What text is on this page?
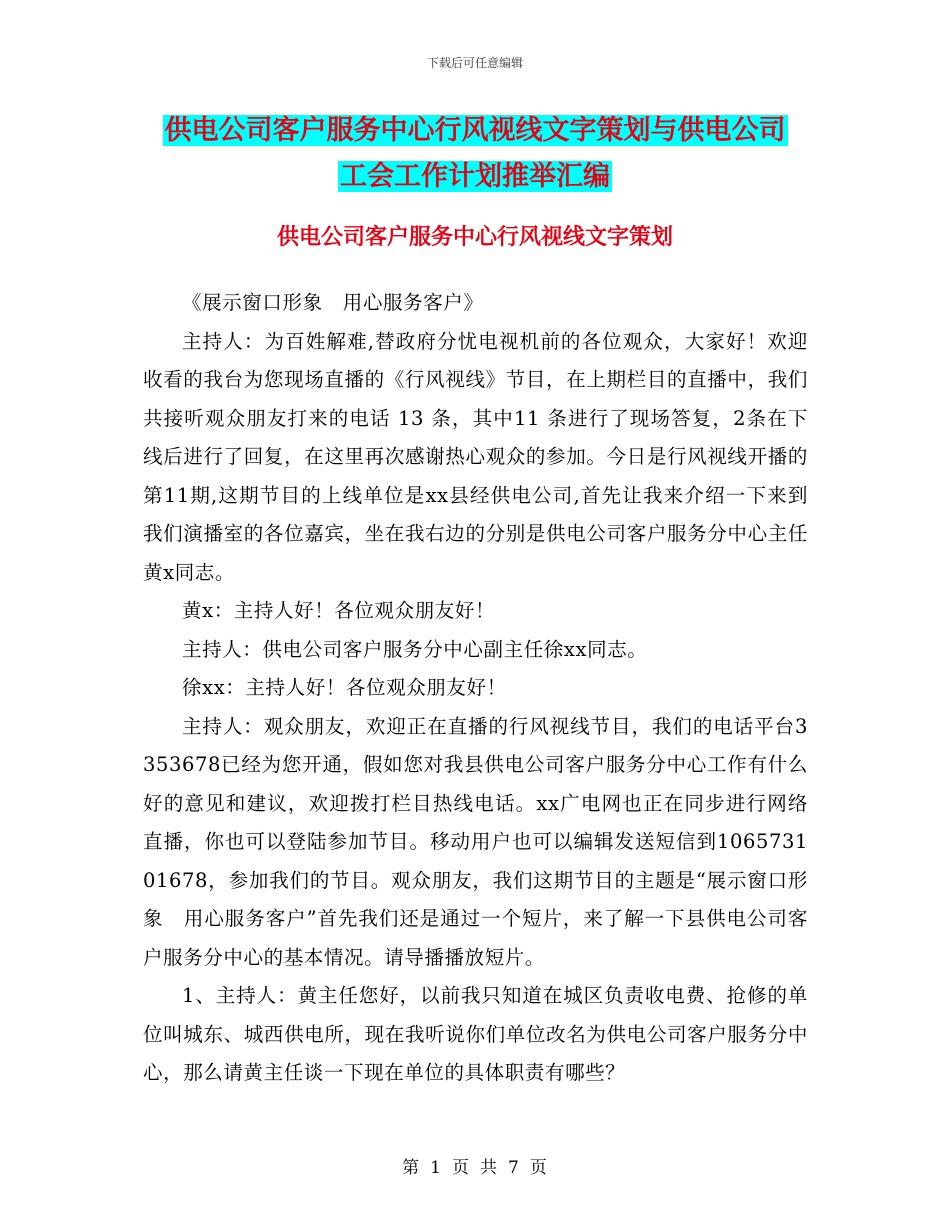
下载后可任意编辑
供电公司客户服务中心行风视线文字策划与供电公司
工会工作计划推举汇编
供电公司客户服务中心行风视线文字策划

《展示窗口形象　用心服务客户》

主持人：为百姓解难,替政府分忧电视机前的各位观众，大家好！欢迎收看的我台为您现场直播的《行风视线》节目，在上期栏目的直播中，我们共接听观众朋友打来的电话 13 条，其中11 条进行了现场答复，2条在下线后进行了回复，在这里再次感谢热心观众的参加。今日是行风视线开播的第11期,这期节目的上线单位是xx县经供电公司,首先让我来介绍一下来到我们演播室的各位嘉宾，坐在我右边的分别是供电公司客户服务分中心主任黄x同志。

黄x：主持人好！各位观众朋友好！

主持人：供电公司客户服务分中心副主任徐xx同志。

徐xx：主持人好！各位观众朋友好！

主持人：观众朋友，欢迎正在直播的行风视线节目，我们的电话平台3353678已经为您开通，假如您对我县供电公司客户服务分中心工作有什么好的意见和建议，欢迎拨打栏目热线电话。xx广电网也正在同步进行网络直播，你也可以登陆参加节目。移动用户也可以编辑发送短信到106573101678，参加我们的节目。观众朋友，我们这期节目的主题是“展示窗口形象　用心服务客户”首先我们还是通过一个短片，来了解一下县供电公司客户服务分中心的基本情况。请导播播放短片。

1、主持人：黄主任您好，以前我只知道在城区负责收电费、抢修的单位叫城东、城西供电所，现在我听说你们单位改名为供电公司客户服务分中心，那么请黄主任谈一下现在单位的具体职责有哪些？

第 1 页 共 7 页
